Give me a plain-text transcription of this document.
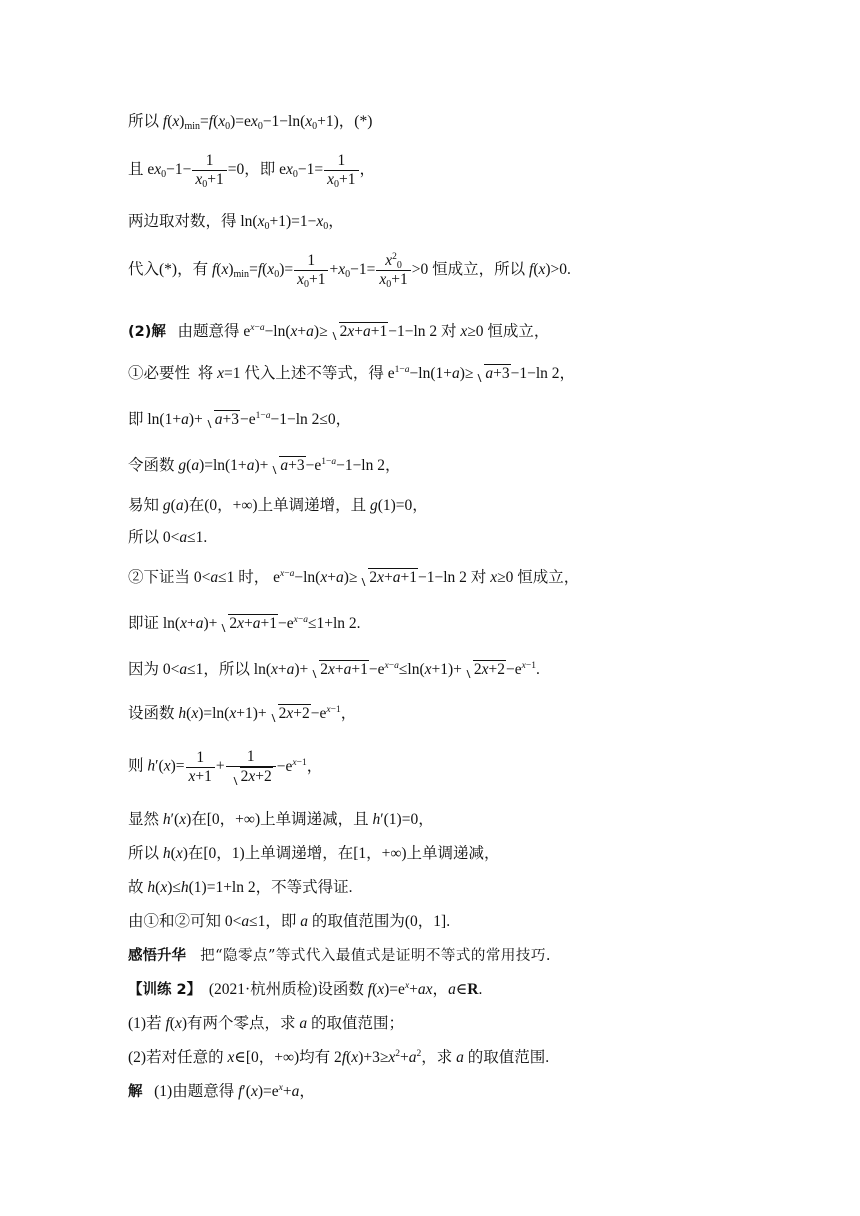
所以 $f(x)_{min}=f(x_0)=ex_0-1-\ln(x_0+1)$，(*)
且 $ex_0-1- \frac{1}{x_0+1} =0$，即 $ex_0-1= \frac{1}{x_0+1}$ ，
两边取对数，得 $\ln(x_0+1)=1-x_0$，
代入(*)，有 $f(x)_{min}=f(x_0)= \frac{1}{x_0+1} +x_0-1= \frac{x^2_0}{x_0+1} >0$ 恒成立，所以 f(x)>0.
(2)解   由题意得 $e^{x-a}-\ln(x+a)\ge 2x+a+1-1-\ln$ 2 对 x≥0 恒成立，
①必要性  将 x=1 代入上述不等式，得 $e^{1-a}-\ln(1+a)\ge a+3-1-\ln$ 2，
即 $\ln(1+a)+ a+3-e^{1-a}-1-\ln$ 2≤0，
令函数 $g(a)=\ln(1+a)+ a+3-e^{1-a}-1-\ln$ 2，
易知 g(a)在(0，+∞)上单调递增，且 g(1)=0，
所以 0<a≤1.
②下证当 0<a≤1 时， $e^{x-a}-\ln(x+a)\ge 2x+a+1-1-\ln$ 2 对 x≥0 恒成立，
即证 $\ln(x+a)+ 2x+a+1-e^{x-a}\le 1+\ln$ 2.
因为 0<a≤1，所以 $\ln(x+a)+ 2x+a+1-e^{x-a}\le\ln(x+1)+ 2x+2-e^{x-1}$.
设函数 $h(x)=\ln(x+1)+ 2x+2-e^{x-1}$，
则 $h'(x)= \frac{1}{x+1} + \frac{1}{2x+2} -e^{x-1}$，
显然 h′(x)在[0，+∞)上单调递减，且 h′(1)=0，
所以 h(x)在[0，1)上单调递增，在[1，+∞)上单调递减，
故 h(x)≤h(1)=1+ln 2，不等式得证.
由①和②可知 0<a≤1，即 a 的取值范围为(0，1].
感悟升华 把“隐零点”等式代入最值式是证明不等式的常用技巧.
【训练 2】  (2021·杭州质检)设函数 $f(x)=e^x+ax$，a∈R.
(1)若 f(x)有两个零点，求 a 的取值范围；
(2)若对任意的 x∈[0，+∞)均有 $2f(x)+3\ge x^2+a^2$，求 a 的取值范围.
解   (1)由题意得 $f'(x)=e^x+a$，
